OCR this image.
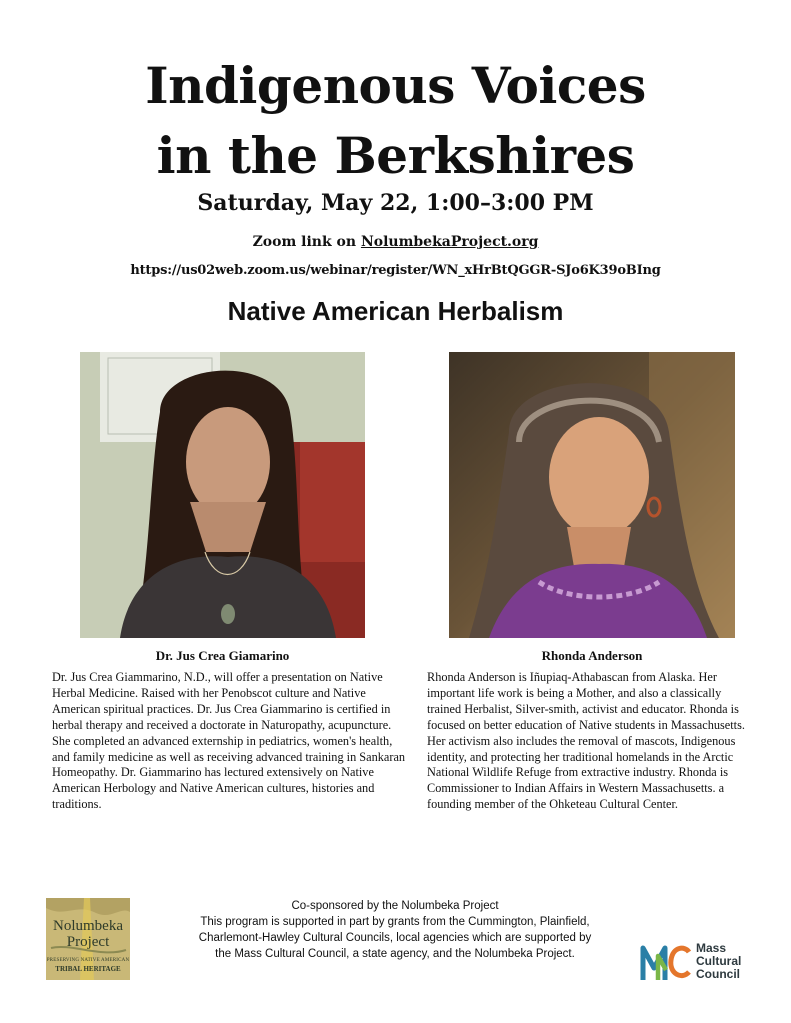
Indigenous Voices
in the Berkshires
Saturday, May 22, 1:00–3:00 PM
Zoom link on NolumbekaProject.org
https://us02web.zoom.us/webinar/register/WN_xHrBtQGGR-SJo6K39oBIng
Native American Herbalism
Dr. Jus Crea Giamarino	Rhonda Anderson

Dr. Jus Crea Giammarino, N.D., will offer a presentation on Native Herbal Medicine. Raised with her Penobscot culture and Native American spiritual practices. Dr. Jus Crea Giammarino is certified in herbal therapy and received a doctorate in Naturopathy, acupuncture. She completed an advanced externship in pediatrics, women's health, and family medicine as well as receiving advanced training in Sankaran Homeopathy. Dr. Giammarino has lectured extensively on Native American Herbology and Native American cultures, histories and traditions.

Rhonda Anderson is Iñupiaq-Athabascan from Alaska. Her important life work is being a Mother, and also a classically trained Herbalist, Silver-smith, activist and educator. Rhonda is focused on better education of Native students in Massachusetts. Her activism also includes the removal of mascots, Indigenous identity, and protecting her traditional homelands in the Arctic National Wildlife Refuge from extractive industry. Rhonda is Commissioner to Indian Affairs in Western Massachusetts. a founding member of the Ohketeau Cultural Center.

Nolumbeka
Project
PRESERVING NATIVE AMERICAN
TRIBAL HERITAGE

Co-sponsored by the Nolumbeka Project

This program is supported in part by grants from the Cummington, Plainfield,

Charlemont-Hawley Cultural Councils, local agencies which are supported by

the Mass Cultural Council, a state agency, and the Nolumbeka Project.	Mass
Cultural
Council
